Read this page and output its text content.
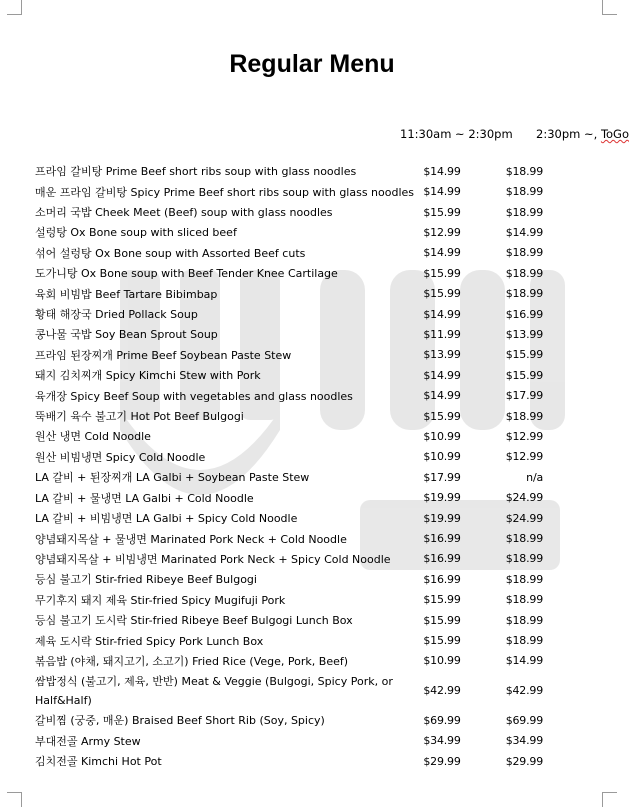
Regular Menu
11:30am ~ 2:30pm 2:30pm ~, ToGo
프라임 갈비탕 Prime Beef short ribs soup with glass noodles	$14.99	$18.99
매운 프라임 갈비탕 Spicy Prime Beef short ribs soup with glass noodles $14.99	$18.99
소머리 국밥 Cheek Meet (Beef) soup with glass noodles	$15.99	$18.99
설렁탕 Ox Bone soup with sliced beef	$12.99	$14.99
섞어 설렁탕 Ox Bone soup with Assorted Beef cuts	$14.99	$18.99
도가니탕 Ox Bone soup with Beef Tender Knee Cartilage	$15.99	$18.99
육회 비빔밥 Beef Tartare Bibimbap	$15.99	$18.99
황태 해장국 Dried Pollack Soup	$14.99	$16.99
콩나물 국밥 Soy Bean Sprout Soup	$11.99	$13.99
프라임 된장찌개 Prime Beef Soybean Paste Stew	$13.99	$15.99
돼지 김치찌개 Spicy Kimchi Stew with Pork	$14.99	$15.99
육개장 Spicy Beef Soup with vegetables and glass noodles	$14.99	$17.99
뚝배기 육수 불고기 Hot Pot Beef Bulgogi	$15.99	$18.99
원산 냉면 Cold Noodle	$10.99	$12.99
원산 비빔냉면 Spicy Cold Noodle	$10.99	$12.99
LA 갈비 + 된장찌개 LA Galbi + Soybean Paste Stew	$17.99	n/a
LA 갈비 + 물냉면 LA Galbi + Cold Noodle	$19.99	$24.99
LA 갈비 + 비빔냉면 LA Galbi + Spicy Cold Noodle	$19.99	$24.99
양념돼지목살 + 물냉면 Marinated Pork Neck + Cold Noodle	$16.99	$18.99
양념돼지목살 + 비빔냉면 Marinated Pork Neck + Spicy Cold Noodle	$16.99	$18.99
등심 불고기 Stir-fried Ribeye Beef Bulgogi	$16.99	$18.99
무기후지 돼지 제육 Stir-fried Spicy Mugifuji Pork	$15.99	$18.99
등심 불고기 도시락 Stir-fried Ribeye Beef Bulgogi Lunch Box	$15.99	$18.99
제육 도시락 Stir-fried Spicy Pork Lunch Box	$15.99	$18.99
볶음밥 (야채, 돼지고기, 소고기) Fried Rice (Vege, Pork, Beef)	$10.99	$14.99
쌈밥정식 (불고기, 제육, 반반) Meat & Veggie (Bulgogi, Spicy Pork, or Half&Half)
$42.99	$42.99
갈비찜 (궁중, 매운) Braised Beef Short Rib (Soy, Spicy)	$69.99	$69.99
부대전골 Army Stew	$34.99	$34.99
김치전골 Kimchi Hot Pot	$29.99	$29.99
